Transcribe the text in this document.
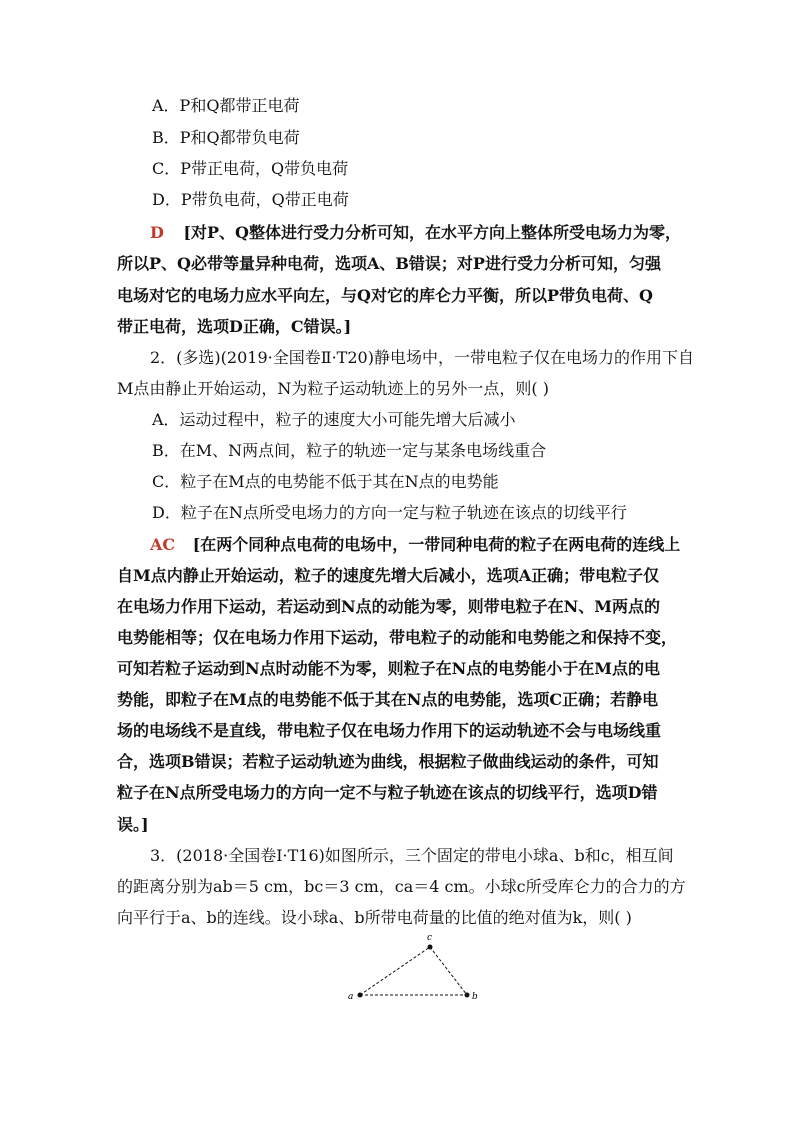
A．P和Q都带正电荷
B．P和Q都带负电荷
C．P带正电荷，Q带负电荷
D．P带负电荷，Q带正电荷
D [对P、Q整体进行受力分析可知，在水平方向上整体所受电场力为零，
所以P、Q必带等量异种电荷，选项A、B错误；对P进行受力分析可知，匀强
电场对它的电场力应水平向左，与Q对它的库仑力平衡，所以P带负电荷、Q
带正电荷，选项D正确，C错误。]
2．(多选)(2019·全国卷Ⅱ·T20)静电场中，一带电粒子仅在电场力的作用下自
M点由静止开始运动，N为粒子运动轨迹上的另外一点，则( )
A．运动过程中，粒子的速度大小可能先增大后减小
B．在M、N两点间，粒子的轨迹一定与某条电场线重合
C．粒子在M点的电势能不低于其在N点的电势能
D．粒子在N点所受电场力的方向一定与粒子轨迹在该点的切线平行
AC [在两个同种点电荷的电场中，一带同种电荷的粒子在两电荷的连线上
自M点内静止开始运动，粒子的速度先增大后减小，选项A正确；带电粒子仅
在电场力作用下运动，若运动到N点的动能为零，则带电粒子在N、M两点的
电势能相等；仅在电场力作用下运动，带电粒子的动能和电势能之和保持不变，
可知若粒子运动到N点时动能不为零，则粒子在N点的电势能小于在M点的电
势能，即粒子在M点的电势能不低于其在N点的电势能，选项C正确；若静电
场的电场线不是直线，带电粒子仅在电场力作用下的运动轨迹不会与电场线重
合，选项B错误；若粒子运动轨迹为曲线，根据粒子做曲线运动的条件，可知
粒子在N点所受电场力的方向一定不与粒子轨迹在该点的切线平行，选项D错
误。]
3．(2018·全国卷Ⅰ·T16)如图所示，三个固定的带电小球a、b和c，相互间
的距离分别为ab＝5 cm，bc＝3 cm，ca＝4 cm。小球c所受库仑力的合力的方
向平行于a、b的连线。设小球a、b所带电荷量的比值的绝对值为k，则( )
a	b
c
